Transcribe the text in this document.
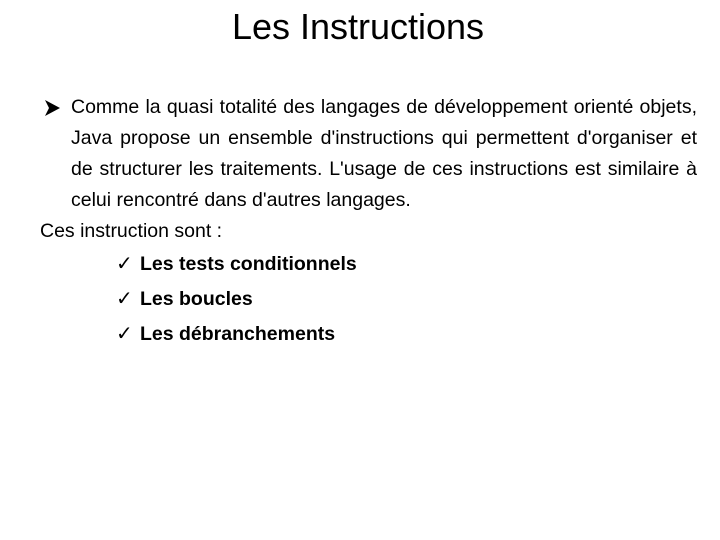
Les Instructions
Comme la quasi totalité des langages de développement orienté objets, Java propose un ensemble d'instructions qui permettent d'organiser et de structurer les traitements. L'usage de ces instructions est similaire à celui rencontré dans d'autres langages.
Ces instruction sont :
✓ Les tests conditionnels
✓ Les boucles
✓ Les débranchements
